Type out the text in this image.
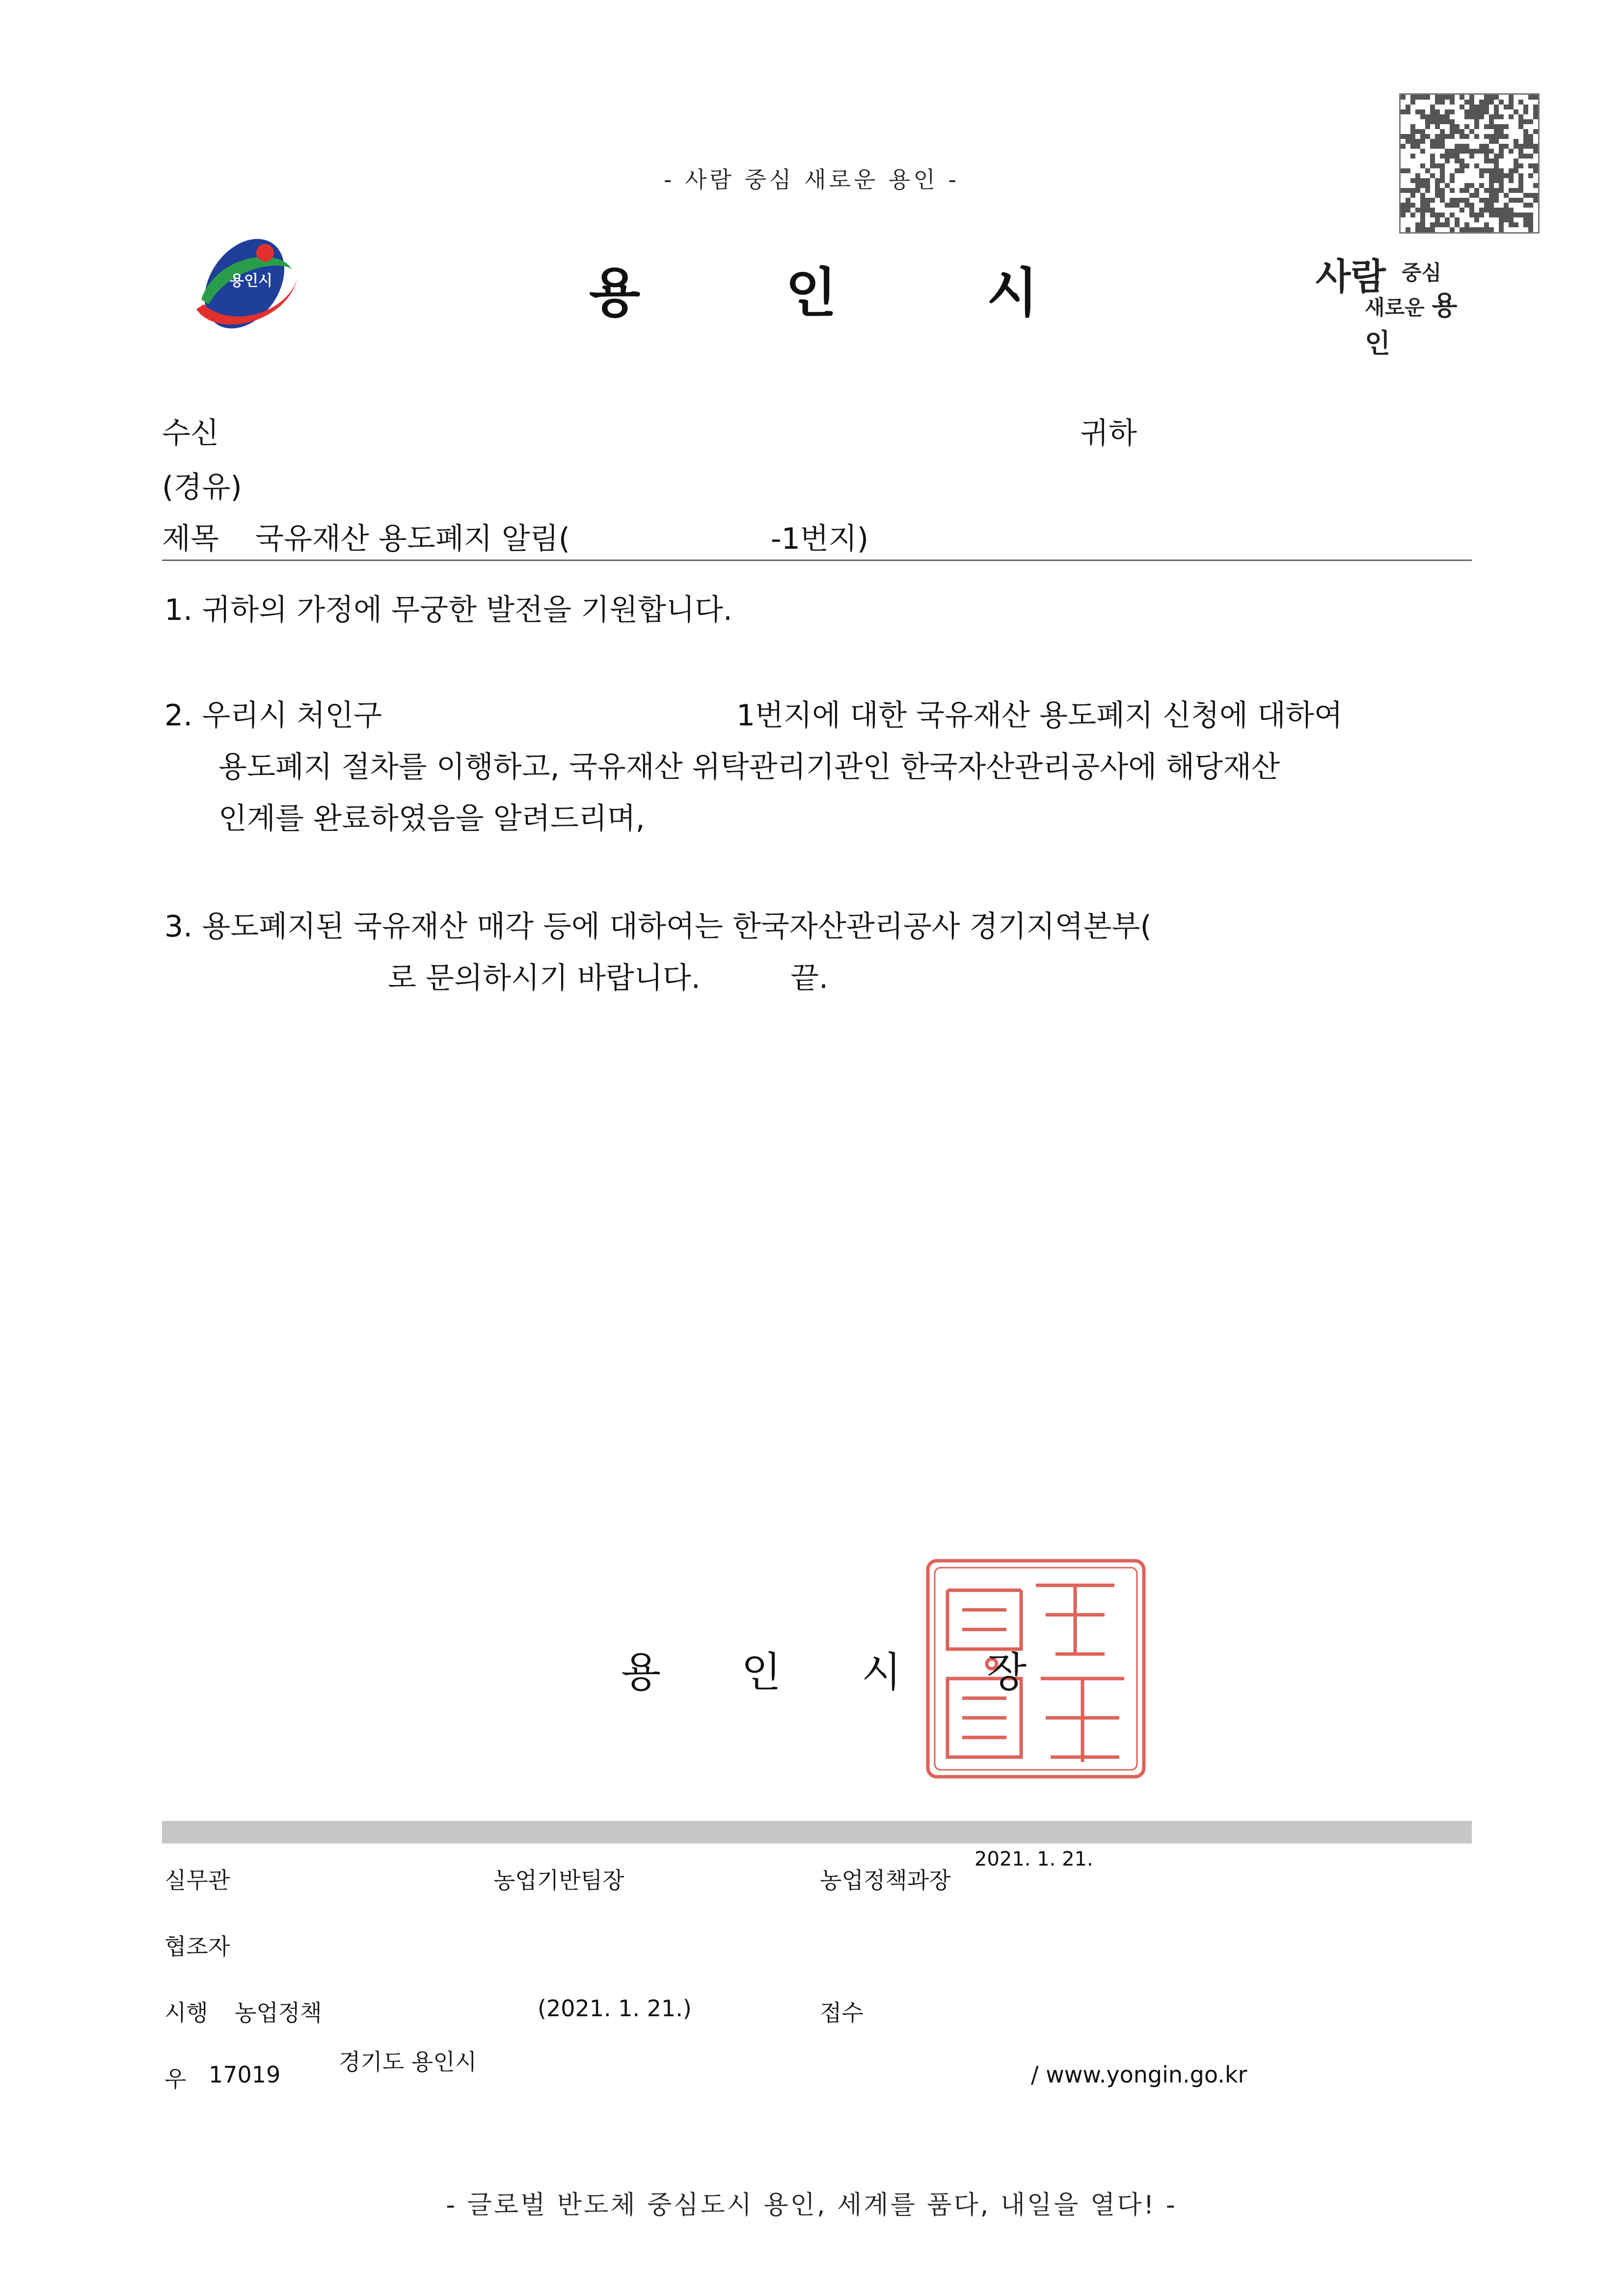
- 사람 중심 새로운 용인 -
용인시	용	인	시	사람 중심
새로운 용인
수신	귀하
(경유)
제목 국유재산 용도폐지 알림(	-1번지)
1. 귀하의 가정에 무궁한 발전을 기원합니다.
2. 우리시 처인구	1번지에 대한 국유재산 용도폐지 신청에 대하여
용도폐지 절차를 이행하고, 국유재산 위탁관리기관인 한국자산관리공사에 해당재산
인계를 완료하였음을 알려드리며,
3. 용도폐지된 국유재산 매각 등에 대하여는 한국자산관리공사 경기지역본부(
로 문의하시기 바랍니다.	끝.
용 인 시 장
실무관	농업기반팀장	농업정책과장
2021. 1. 21.
협조자
시행 농업정책	(2021. 1. 21.)	접수
우 17019	경기도 용인시	/ www.yongin.go.kr
- 글로벌 반도체 중심도시 용인, 세계를 품다, 내일을 열다! -
